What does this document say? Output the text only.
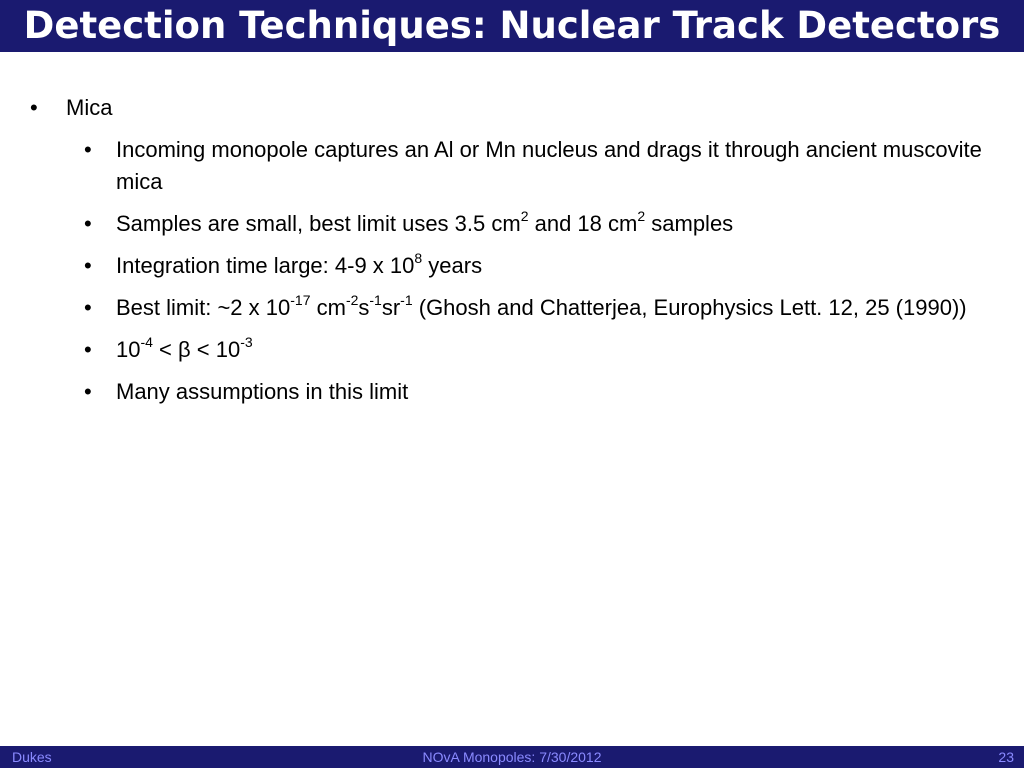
Detection Techniques: Nuclear Track Detectors
• Mica
• Incoming monopole captures an Al or Mn nucleus and drags it through ancient muscovite mica
• Samples are small, best limit uses 3.5 $cm^2$ and 18 $cm^2$ samples
• Integration time large: 4-9 x $10^8$ years
• Best limit: ~2 x $10^{-17}$ $cm^{-2}s^{-1}sr^{-1}$ (Ghosh and Chatterjea, Europhysics Lett. 12, 25 (1990))
• $10^{-4} < \beta < 10^{-3}$
• Many assumptions in this limit
Dukes	NOvA Monopoles: 7/30/2012	23
